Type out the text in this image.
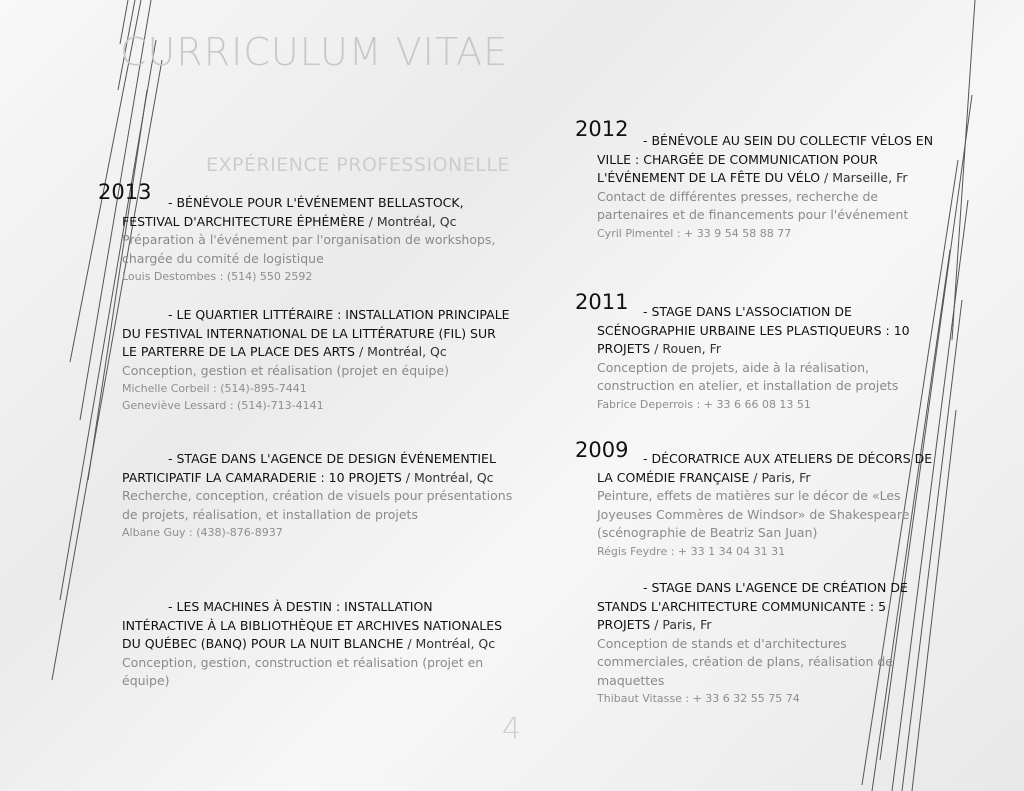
CURRICULUM VITAE
EXPÉRIENCE PROFESSIONELLE
2013	- BÉNÉVOLE POUR L'ÉVÉNEMENT BELLASTOCK, FESTIVAL D'ARCHITECTURE ÉPHÉMÈRE / Montréal, Qc
Préparation à l'événement par l'organisation de workshops, chargée du comité de logistique
Louis Destombes : (514) 550 2592
- LE QUARTIER LITTÉRAIRE : INSTALLATION PRINCIPALE DU FESTIVAL INTERNATIONAL DE LA LITTÉRATURE (FIL) SUR LE PARTERRE DE LA PLACE DES ARTS / Montréal, Qc
Conception, gestion et réalisation (projet en équipe)
Michelle Corbeil : (514)-895-7441
Geneviève Lessard : (514)-713-4141
- STAGE DANS L'AGENCE DE DESIGN ÉVÉNEMENTIEL PARTICIPATIF LA CAMARADERIE : 10 PROJETS / Montréal, Qc
Recherche, conception, création de visuels pour présentations de projets, réalisation, et installation de projets
Albane Guy : (438)-876-8937
- LES MACHINES À DESTIN : INSTALLATION INTÉRACTIVE À LA BIBLIOTHÈQUE ET ARCHIVES NATIONALES DU QUÉBEC (BANQ) POUR LA NUIT BLANCHE / Montréal, Qc
Conception, gestion, construction et réalisation (projet en équipe)
2012	- BÉNÉVOLE AU SEIN DU COLLECTIF VÉLOS EN VILLE : CHARGÉE DE COMMUNICATION POUR L'ÉVÉNEMENT DE LA FÊTE DU VÉLO / Marseille, Fr
Contact de différentes presses, recherche de partenaires et de financements pour l'événement
Cyril Pimentel : + 33 9 54 58 88 77
2011	- STAGE DANS L'ASSOCIATION DE SCÉNOGRAPHIE URBAINE LES PLASTIQUEURS : 10 PROJETS / Rouen, Fr
Conception de projets, aide à la réalisation, construction en atelier, et installation de projets
Fabrice Deperrois : + 33 6 66 08 13 51
2009	- DÉCORATRICE AUX ATELIERS DE DÉCORS DE LA COMÉDIE FRANÇAISE / Paris, Fr
Peinture, effets de matières sur le décor de «Les Joyeuses Commères de Windsor» de Shakespeare (scénographie de Beatriz San Juan)
Régis Feydre : + 33 1 34 04 31 31
- STAGE DANS L'AGENCE DE CRÉATION DE STANDS L'ARCHITECTURE COMMUNICANTE : 5 PROJETS / Paris, Fr
Conception de stands et d'architectures commerciales, création de plans, réalisation de maquettes
Thibaut Vitasse : + 33 6 32 55 75 74
4
